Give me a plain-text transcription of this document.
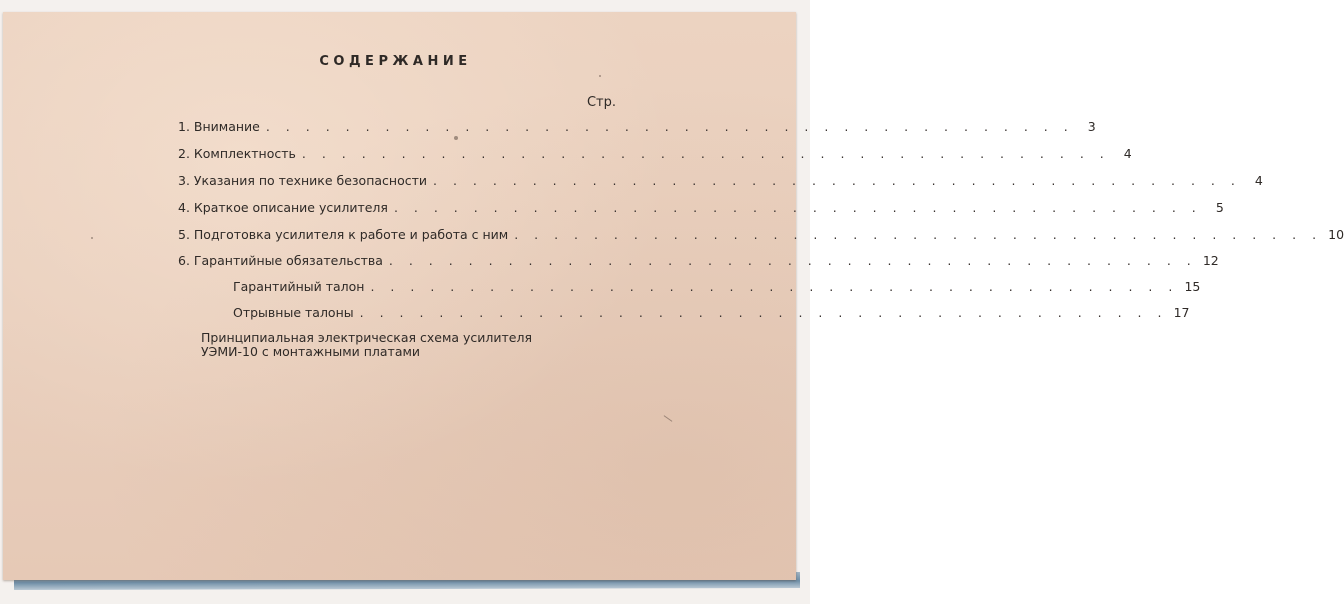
СОДЕРЖАНИЕ
Стр.
1. Внимание . . . . . . . . . . . . . . . . . . . . . . . . . . . . . . . . . . . . . . . . .	3
2. Комплектность . . . . . . . . . . . . . . . . . . . . . . . . . . . . . . . . . . . . . . . . .	4
3. Указания по технике безопасности . . . . . . . . . . . . . . . . . . . . . . . . . . . . . . . . . . . . . . . . .	4
4. Краткое описание усилителя . . . . . . . . . . . . . . . . . . . . . . . . . . . . . . . . . . . . . . . . .	5
5. Подготовка усилителя к работе и работа с ним . . . . . . . . . . . . . . . . . . . . . . . . . . . . . . . . . . . . . . . . . 10
6. Гарантийные обязательства . . . . . . . . . . . . . . . . . . . . . . . . . . . . . . . . . . . . . . . . . 12
Гарантийный талон . . . . . . . . . . . . . . . . . . . . . . . . . . . . . . . . . . . . . . . . . 15
Отрывные талоны . . . . . . . . . . . . . . . . . . . . . . . . . . . . . . . . . . . . . . . . . 17
Принципиальная электрическая схема усилителя
УЭМИ-10 с монтажными платами
